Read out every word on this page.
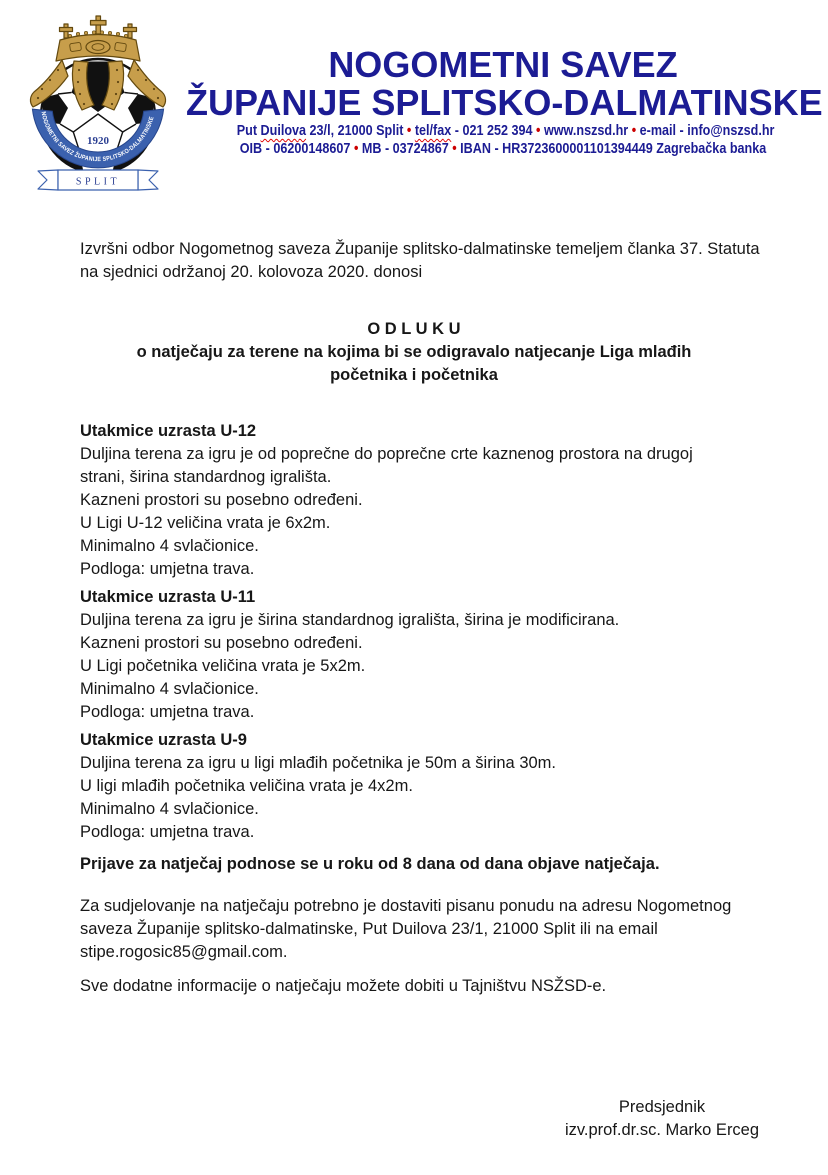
1920
NOGOMETNI SAVEZ ŽUPANIJE SPLITSKO-DALMATINSKE
SPLIT
NOGOMETNI SAVEZ
ŽUPANIJE SPLITSKO-DALMATINSKE
Put Duilova 23/l, 21000 Split • tel/fax - 021 252 394 • www.nszsd.hr • e-mail - info@nszsd.hr
OIB - 06200148607 • MB - 03724867 • IBAN - HR3723600001101394449 Zagrebačka banka
Izvršni odbor Nogometnog saveza Županije splitsko-dalmatinske temeljem članka 37. Statuta
na sjednici održanoj 20. kolovoza 2020. donosi
O D L U K U
o natječaju za terene na kojima bi se odigravalo natjecanje Liga mlađih
početnika i početnika
Utakmice uzrasta U-12
Duljina terena za igru je od poprečne do poprečne crte kaznenog prostora na drugoj
strani, širina standardnog igrališta.
Kazneni prostori su posebno određeni.
U Ligi U-12 veličina vrata je 6x2m.
Minimalno 4 svlačionice.
Podloga: umjetna trava.
Utakmice uzrasta U-11
Duljina terena za igru je širina standardnog igrališta, širina je modificirana.
Kazneni prostori su posebno određeni.
U Ligi početnika veličina vrata je 5x2m.
Minimalno 4 svlačionice.
Podloga: umjetna trava.
Utakmice uzrasta U-9
Duljina terena za igru u ligi mlađih početnika je 50m a širina 30m.
U ligi mlađih početnika veličina vrata je 4x2m.
Minimalno 4 svlačionice.
Podloga: umjetna trava.
Prijave za natječaj podnose se u roku od 8 dana od dana objave natječaja.
Za sudjelovanje na natječaju potrebno je dostaviti pisanu ponudu na adresu Nogometnog
saveza Županije splitsko-dalmatinske, Put Duilova 23/1, 21000 Split ili na email
stipe.rogosic85@gmail.com.
Sve dodatne informacije o natječaju možete dobiti u Tajništvu NSŽSD-e.
Predsjednik
izv.prof.dr.sc. Marko Erceg
